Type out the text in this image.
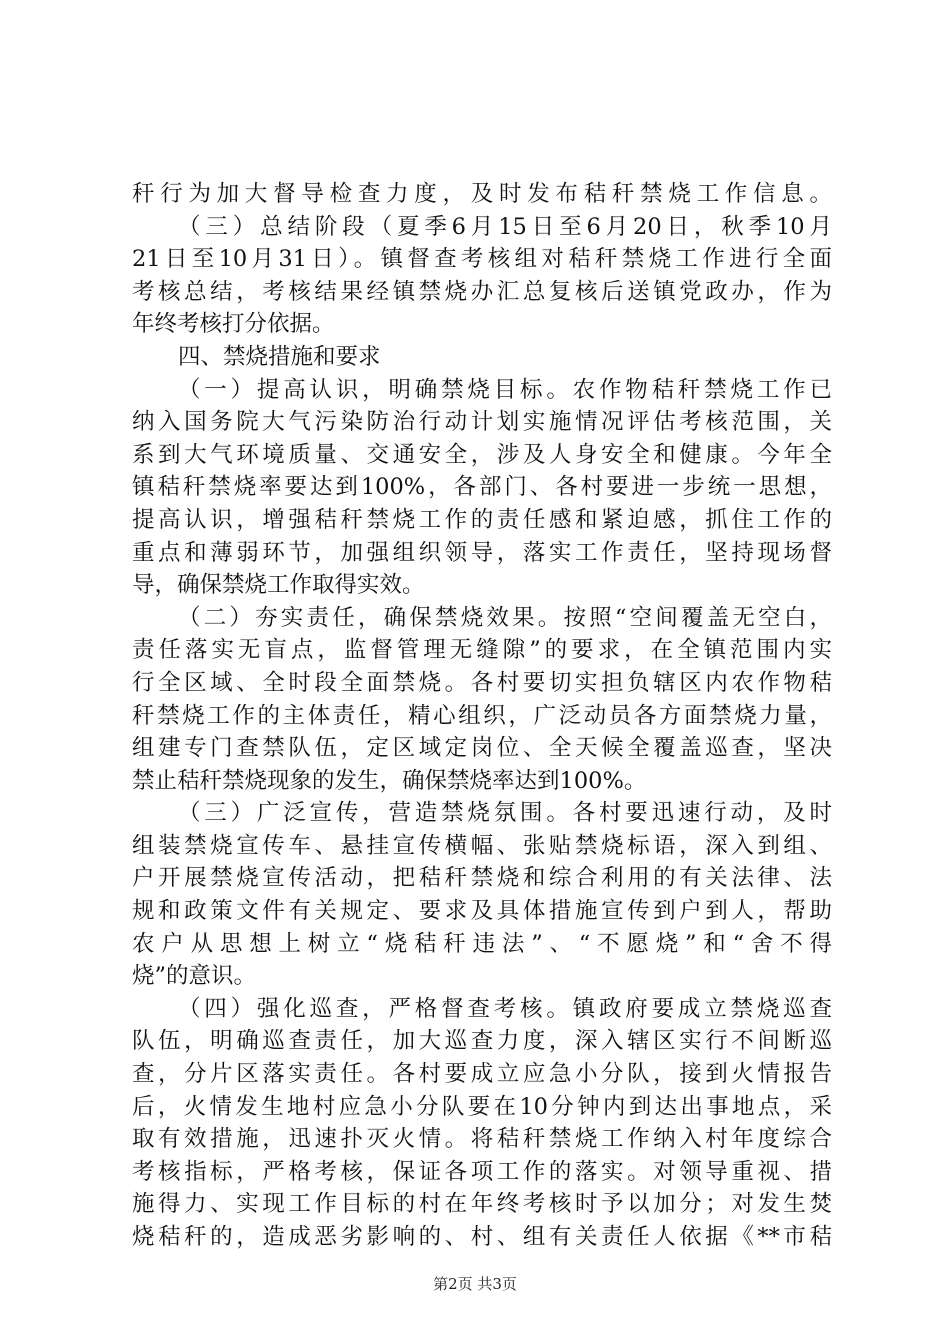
秆行为加大督导检查力度，及时发布秸秆禁烧工作信息。
（三）总结阶段（夏季6月15日至6月20日，秋季10月
21日至10月31日）。镇督查考核组对秸秆禁烧工作进行全面
考核总结，考核结果经镇禁烧办汇总复核后送镇党政办，作为
年终考核打分依据。
四、禁烧措施和要求
（一）提高认识，明确禁烧目标。农作物秸秆禁烧工作已
纳入国务院大气污染防治行动计划实施情况评估考核范围，关
系到大气环境质量、交通安全，涉及人身安全和健康。今年全
镇秸秆禁烧率要达到100%，各部门、各村要进一步统一思想，
提高认识，增强秸秆禁烧工作的责任感和紧迫感，抓住工作的
重点和薄弱环节，加强组织领导，落实工作责任，坚持现场督
导，确保禁烧工作取得实效。
（二）夯实责任，确保禁烧效果。按照“空间覆盖无空白，
责任落实无盲点，监督管理无缝隙”的要求，在全镇范围内实
行全区域、全时段全面禁烧。各村要切实担负辖区内农作物秸
秆禁烧工作的主体责任，精心组织，广泛动员各方面禁烧力量，
组建专门查禁队伍，定区域定岗位、全天候全覆盖巡查，坚决
禁止秸秆禁烧现象的发生，确保禁烧率达到100%。
（三）广泛宣传，营造禁烧氛围。各村要迅速行动，及时
组装禁烧宣传车、悬挂宣传横幅、张贴禁烧标语，深入到组、
户开展禁烧宣传活动，把秸秆禁烧和综合利用的有关法律、法
规和政策文件有关规定、要求及具体措施宣传到户到人，帮助
农户从思想上树立“烧秸秆违法”、“不愿烧”和“舍不得
烧”的意识。
（四）强化巡查，严格督查考核。镇政府要成立禁烧巡查
队伍，明确巡查责任，加大巡查力度，深入辖区实行不间断巡
查，分片区落实责任。各村要成立应急小分队，接到火情报告
后，火情发生地村应急小分队要在10分钟内到达出事地点，采
取有效措施，迅速扑灭火情。将秸秆禁烧工作纳入村年度综合
考核指标，严格考核，保证各项工作的落实。对领导重视、措
施得力、实现工作目标的村在年终考核时予以加分；对发生焚
烧秸秆的，造成恶劣影响的、村、组有关责任人依据《**市秸
第2页 共3页
